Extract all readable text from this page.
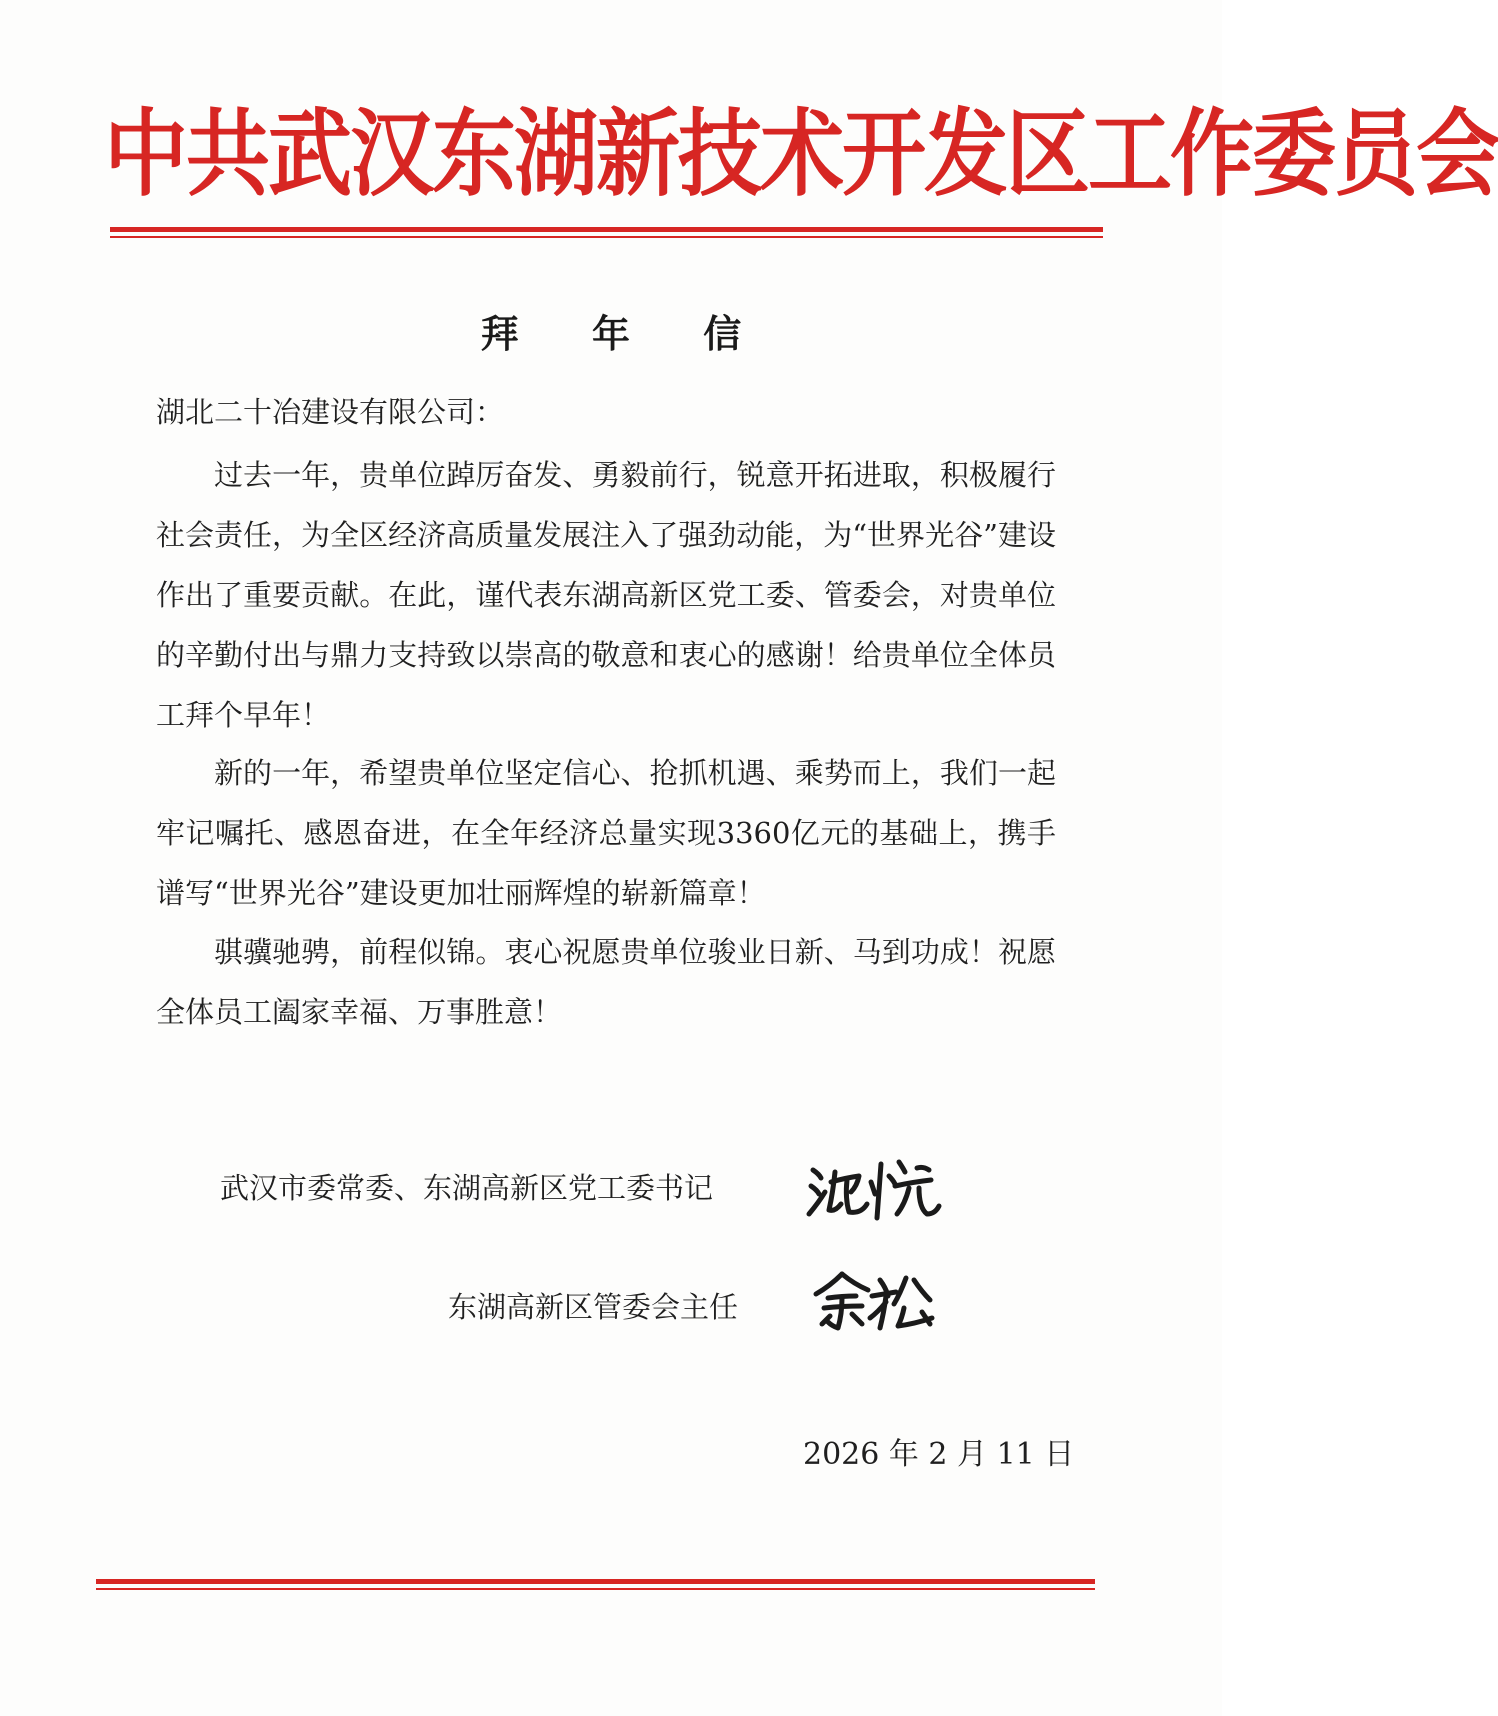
中共武汉东湖新技术开发区工作委员会
拜 年 信
湖北二十冶建设有限公司：
过去一年，贵单位踔厉奋发、勇毅前行，锐意开拓进取，积极履行社会责任，为全区经济高质量发展注入了强劲动能，为“世界光谷”建设作出了重要贡献。在此，谨代表东湖高新区党工委、管委会，对贵单位的辛勤付出与鼎力支持致以崇高的敬意和衷心的感谢！给贵单位全体员工拜个早年！
新的一年，希望贵单位坚定信心、抢抓机遇、乘势而上，我们一起牢记嘱托、感恩奋进，在全年经济总量实现3360亿元的基础上，携手谱写“世界光谷”建设更加壮丽辉煌的崭新篇章！
骐骥驰骋，前程似锦。衷心祝愿贵单位骏业日新、马到功成！祝愿全体员工阖家幸福、万事胜意！
武汉市委常委、东湖高新区党工委书记
东湖高新区管委会主任
2026 年 2 月 11 日
